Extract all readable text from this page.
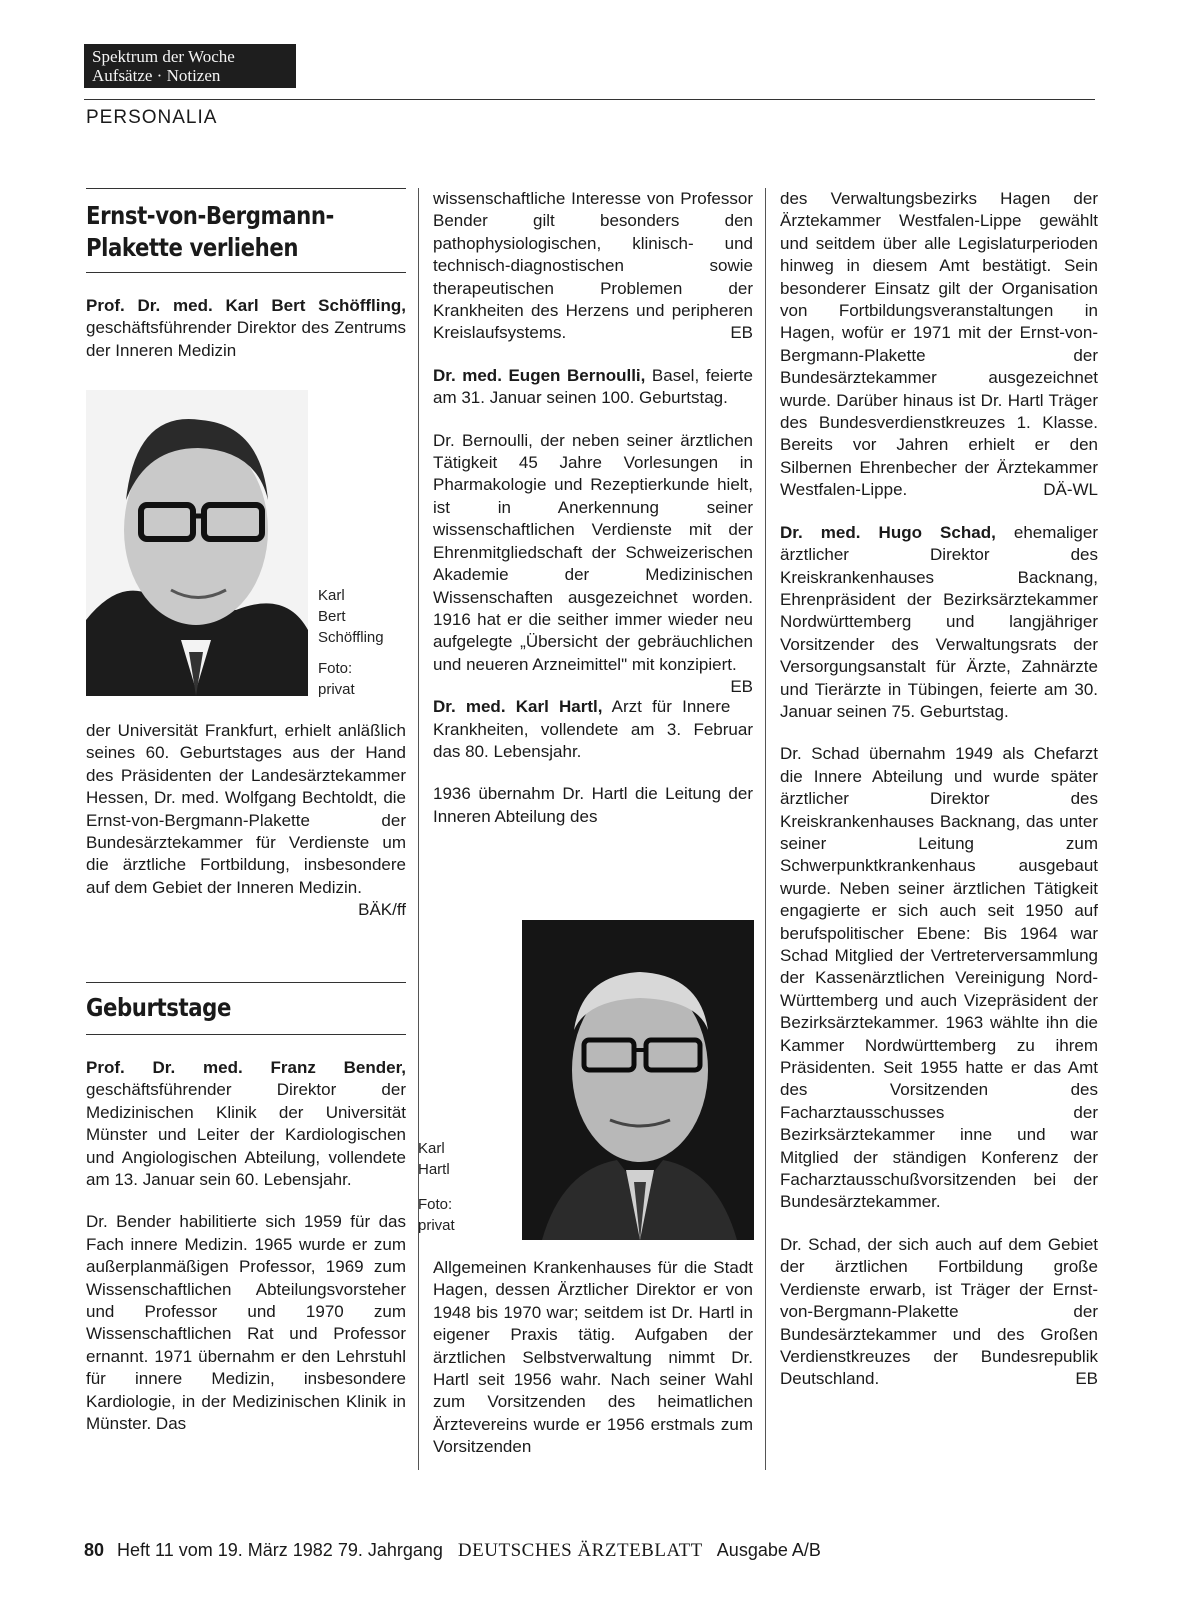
Spektrum der Woche
Aufsätze · Notizen
PERSONALIA
Ernst-von-Bergmann-
Plakette verliehen

Prof. Dr. med. Karl Bert Schöffling, geschäftsführender Direktor des Zentrums der Inneren Medizin

Karl
Bert
Schöffling
Foto:
privat

der Universität Frankfurt, erhielt anläßlich seines 60. Geburtstages aus der Hand des Präsidenten der Landesärztekammer Hessen, Dr. med. Wolfgang Bechtoldt, die Ernst-von-Bergmann-Plakette der Bundesärztekammer für Verdienste um die ärztliche Fortbildung, insbesondere auf dem Gebiet der Inneren Medizin.
BÄK/ff

Geburtstage

Prof. Dr. med. Franz Bender, geschäftsführender Direktor der Medizinischen Klinik der Universität Münster und Leiter der Kardiologischen und Angiologischen Abteilung, vollendete am 13. Januar sein 60. Lebensjahr.

Dr. Bender habilitierte sich 1959 für das Fach innere Medizin. 1965 wurde er zum außerplanmäßigen Professor, 1969 zum Wissenschaftlichen Abteilungsvorsteher und Professor und 1970 zum Wissenschaftlichen Rat und Professor ernannt. 1971 übernahm er den Lehrstuhl für innere Medizin, insbesondere Kardiologie, in der Medizinischen Klinik in Münster. Das

wissenschaftliche Interesse von Professor Bender gilt besonders den pathophysiologischen, klinisch- und technisch-diagnostischen sowie therapeutischen Problemen der Krankheiten des Herzens und peripheren Kreislaufsystems.	EB

Dr. med. Eugen Bernoulli, Basel, feierte am 31. Januar seinen 100. Geburtstag.

Dr. Bernoulli, der neben seiner ärztlichen Tätigkeit 45 Jahre Vorlesungen in Pharmakologie und Rezeptierkunde hielt, ist in Anerkennung seiner wissenschaftlichen Verdienste mit der Ehrenmitgliedschaft der Schweizerischen Akademie der Medizinischen Wissenschaften ausgezeichnet worden. 1916 hat er die seither immer wieder neu aufgelegte „Übersicht der gebräuchlichen und neueren Arzneimittel" mit konzipiert.
EB

Dr. med. Karl Hartl, Arzt für Innere Krankheiten, vollendete am 3. Februar das 80. Lebensjahr.

1936 übernahm Dr. Hartl die Leitung der Inneren Abteilung des

Karl
Hartl
Foto:
privat

Allgemeinen Krankenhauses für die Stadt Hagen, dessen Ärztlicher Direktor er von 1948 bis 1970 war; seitdem ist Dr. Hartl in eigener Praxis tätig. Aufgaben der ärztlichen Selbstverwaltung nimmt Dr. Hartl seit 1956 wahr. Nach seiner Wahl zum Vorsitzenden des heimatlichen Ärztevereins wurde er 1956 erstmals zum Vorsitzenden

des Verwaltungsbezirks Hagen der Ärztekammer Westfalen-Lippe gewählt und seitdem über alle Legislaturperioden hinweg in diesem Amt bestätigt. Sein besonderer Einsatz gilt der Organisation von Fortbildungsveranstaltungen in Hagen, wofür er 1971 mit der Ernst-von-Bergmann-Plakette der Bundesärztekammer ausgezeichnet wurde. Darüber hinaus ist Dr. Hartl Träger des Bundesverdienstkreuzes 1. Klasse. Bereits vor Jahren erhielt er den Silbernen Ehrenbecher der Ärztekammer Westfalen-Lippe.	DÄ-WL

Dr. med. Hugo Schad, ehemaliger ärztlicher Direktor des Kreiskrankenhauses Backnang, Ehrenpräsident der Bezirksärztekammer Nordwürttemberg und langjähriger Vorsitzender des Verwaltungsrats der Versorgungsanstalt für Ärzte, Zahnärzte und Tierärzte in Tübingen, feierte am 30. Januar seinen 75. Geburtstag.

Dr. Schad übernahm 1949 als Chefarzt die Innere Abteilung und wurde später ärztlicher Direktor des Kreiskrankenhauses Backnang, das unter seiner Leitung zum Schwerpunktkrankenhaus ausgebaut wurde. Neben seiner ärztlichen Tätigkeit engagierte er sich auch seit 1950 auf berufspolitischer Ebene: Bis 1964 war Schad Mitglied der Vertreterversammlung der Kassenärztlichen Vereinigung Nord-Württemberg und auch Vizepräsident der Bezirksärztekammer. 1963 wählte ihn die Kammer Nordwürttemberg zu ihrem Präsidenten. Seit 1955 hatte er das Amt des Vorsitzenden des Facharztausschusses der Bezirksärztekammer inne und war Mitglied der ständigen Konferenz der Facharztausschußvorsitzenden bei der Bundesärztekammer.

Dr. Schad, der sich auch auf dem Gebiet der ärztlichen Fortbildung große Verdienste erwarb, ist Träger der Ernst-von-Bergmann-Plakette der Bundesärztekammer und des Großen Verdienstkreuzes der Bundesrepublik Deutschland.	EB

80 Heft 11 vom 19. März 1982 79. Jahrgang DEUTSCHES ÄRZTEBLATT Ausgabe A/B
